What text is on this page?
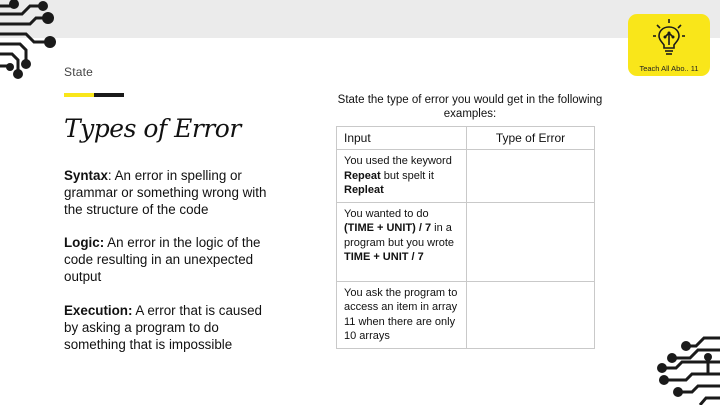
State
Types of Error
Syntax: An error in spelling or grammar or something wrong with the structure of the code
Logic: An error in the logic of the code resulting in an unexpected output
Execution: A error that is caused by asking a program to do something that is impossible
State the type of error you would get in the following examples:
Input	Type of Error
You used the keyword Repeat but spelt it Repleat	
You wanted to do (TIME + UNIT) / 7 in a program but you wrote TIME + UNIT / 7	
You ask the program to access an item in array 11 when there are only 10 arrays	
Teach All Abo.. 11
